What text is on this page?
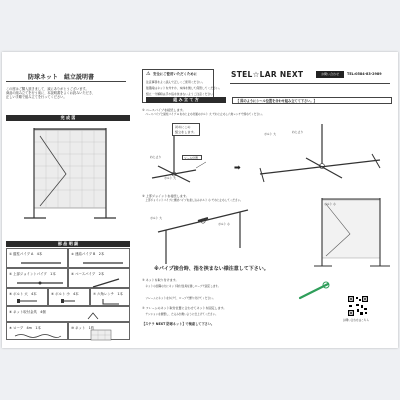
防球ネット　組立説明書
この度はご購入頂きまして、誠にありがとうございます。
商品の組み立てを行う前に、本説明書をよくお読みいただき、
正しい手順で組み立てを行ってください。
安全にご使用いただくために
⚠
注意事項をよく読んで正しくご使用ください。
強風時はネットを外すか、本体を倒して保管してください。
組立・分解時は手や指を挟まないようご注意ください。
STEL☆LAR NEXT	お問い合わせ	TEL:0584-83-2989
完 成 図
部 品 明 細
① 縦柱パイプ A　4本	② 連結パイプ B　2本
③ 上部ジョイントパイプ　1本	④ ベースパイプ　2本
⑤ ボルト 大　4本	⑥ ボルト 小　4本	⑦ 六角レンチ　1本
⑧ ネット取付金具　4個
⑨ ロープ　4m　1本	⑩ ネット　1枚
組 み 立 て 方	【 図のようにシール位置を合わせ組み立てて下さい。】
① ベースパイプを接続します。
　 ベースパイプと縦柱パイプ A をねじ止め付属のボルト 大 でねじ止めし六角レンチで締めてください。
初めにこの
組立をします。
ねじ止り	シール位置
ボルト 大
➡
ボルト 大	ねじ止り
② 上部ジョイントを接続します。
　 上部ジョイントパイプに連結パイプを差し込みボルト 小 でねじ止めしてください。
ボルト 大
ボルト 小
ボルト 小
※パイプ接合時、指を挟まない様注意して下さい。
③ ネットを取り付けます。
　 ネットの四隅の穴にネット取付金具を通しロープで固定します。
　 フレームにネットをかけて、ロープで縛り付けてください。
④ フレームのネット取付位置に合わせてネットを固定します。
　 テンションを調整し、たるみが無いように仕上げてください。
【ステラ NEXT 防球ネット】で検索して下さい。
お問い合わせはこちら
